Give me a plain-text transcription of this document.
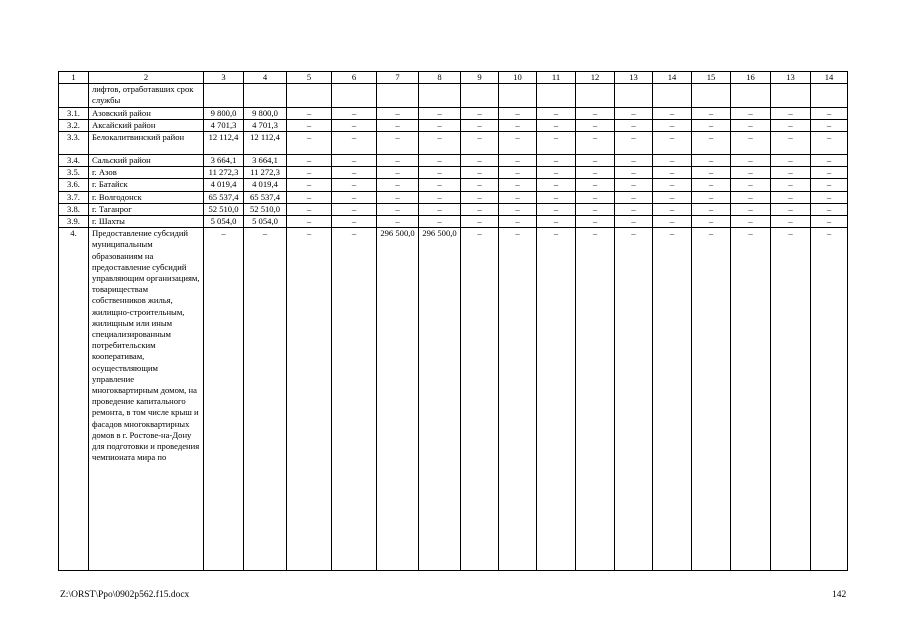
1	2	3	4	5	6	7	8	9	10	11	12	13	14	15	16	13	14
	лифтов, отработавших срок службы																
3.1.	Азовский район	9 800,0	9 800,0	–	–	–	–	–	–	–	–	–	–	–	–	–	–
3.2.	Аксайский район	4 701,3	4 701,3	–	–	–	–	–	–	–	–	–	–	–	–	–	–
3.3.	Белокалитвинский район	12 112,4	12 112,4	–	–	–	–	–	–	–	–	–	–	–	–	–	–
3.4.	Сальский район	3 664,1	3 664,1	–	–	–	–	–	–	–	–	–	–	–	–	–	–
3.5.	г. Азов	11 272,3	11 272,3	–	–	–	–	–	–	–	–	–	–	–	–	–	–
3.6.	г. Батайск	4 019,4	4 019,4	–	–	–	–	–	–	–	–	–	–	–	–	–	–
3.7.	г. Волгодонск	65 537,4	65 537,4	–	–	–	–	–	–	–	–	–	–	–	–	–	–
3.8.	г. Таганрог	52 510,0	52 510,0	–	–	–	–	–	–	–	–	–	–	–	–	–	–
3.9.	г. Шахты	5 054,0	5 054,0	–	–	–	–	–	–	–	–	–	–	–	–	–	–
4.	Предоставление субсидий муниципальным образованиям на предоставление субсидий управляющим организациям, товариществам собственников жилья, жилищно-строительным, жилищным или иным специализированным потребительским кооперативам, осуществляющим управление многоквартирным домом, на проведение капитального ремонта, в том числе крыш и фасадов многоквартирных домов в г. Ростове-на-Дону для подготовки и проведения чемпионата мира по	–	–	–	–	296 500,0	296 500,0	–	–	–	–	–	–	–	–	–	–
Z:\ORST\Ppo\0902p562.f15.docx	142
